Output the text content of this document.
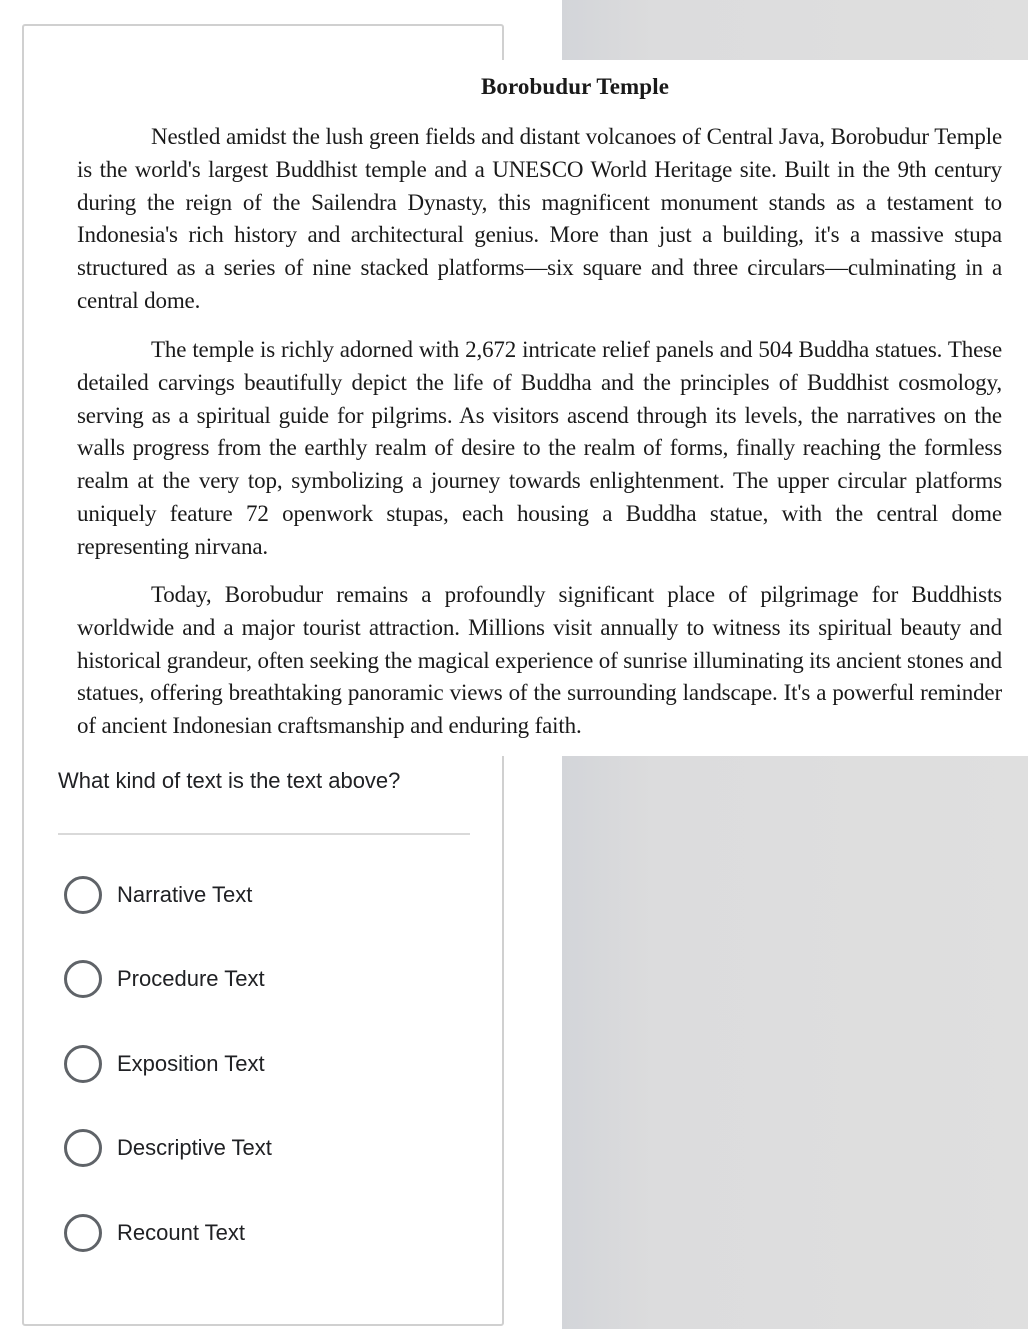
Borobudur Temple

Nestled amidst the lush green fields and distant volcanoes of Central Java, Borobudur Temple is the world's largest Buddhist temple and a UNESCO World Heritage site. Built in the 9th century during the reign of the Sailendra Dynasty, this magnificent monument stands as a testament to Indonesia's rich history and architectural genius. More than just a building, it's a massive stupa structured as a series of nine stacked platforms—six square and three circulars—culminating in a central dome.

The temple is richly adorned with 2,672 intricate relief panels and 504 Buddha statues. These detailed carvings beautifully depict the life of Buddha and the principles of Buddhist cosmology, serving as a spiritual guide for pilgrims. As visitors ascend through its levels, the narratives on the walls progress from the earthly realm of desire to the realm of forms, finally reaching the formless realm at the very top, symbolizing a journey towards enlightenment. The upper circular platforms uniquely feature 72 openwork stupas, each housing a Buddha statue, with the central dome representing nirvana.

Today, Borobudur remains a profoundly significant place of pilgrimage for Buddhists worldwide and a major tourist attraction. Millions visit annually to witness its spiritual beauty and historical grandeur, often seeking the magical experience of sunrise illuminating its ancient stones and statues, offering breathtaking panoramic views of the surrounding landscape. It's a powerful reminder of ancient Indonesian craftsmanship and enduring faith.

What kind of text is the text above?

Narrative Text
Procedure Text
Exposition Text
Descriptive Text
Recount Text
